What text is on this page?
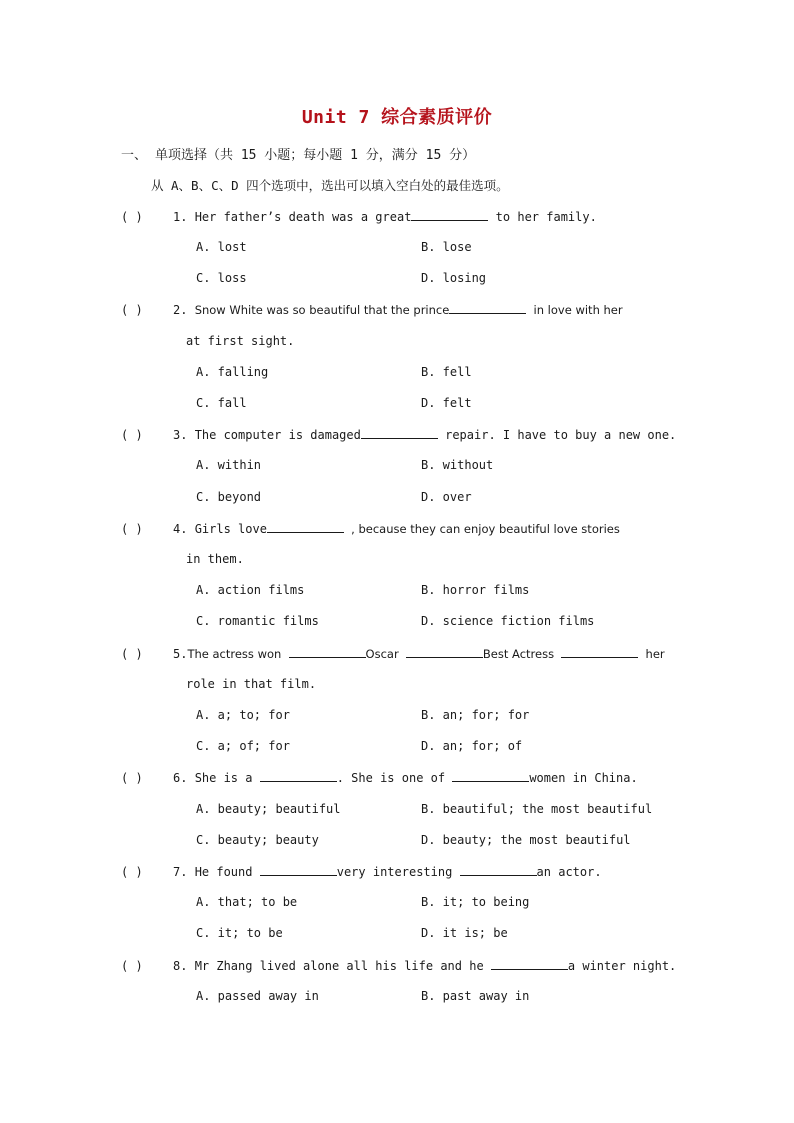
Unit 7 综合素质评价
一、 单项选择（共 15 小题；每小题 1 分，满分 15 分）
从 A、B、C、D 四个选项中，选出可以填入空白处的最佳选项。
( )	1. Her father’s death was a great	to her family.
A. lost	B. lose
C. loss	D. losing
( )	2. Snow White was so beautiful that the prince	in love with her
at first sight.
A. falling	B. fell
C. fall	D. felt
( )	3. The computer is damaged	repair. I have to buy a new one.
A. within	B. without
C. beyond	D. over
( )	4. Girls love	, because they can enjoy beautiful love stories
in them.
A. action films	B. horror films
C. romantic films	D. science fiction films
( )	5.The actress won	Oscar	Best Actress	her
role in that film.
A. a; to; for	B. an; for; for
C. a; of; for	D. an; for; of
( )	6. She is a	. She is one of	women in China.
A. beauty; beautiful	B. beautiful; the most beautiful
C. beauty; beauty	D. beauty; the most beautiful
( )	7. He found	very interesting	an actor.
A. that; to be	B. it; to being
C. it; to be	D. it is; be
( )	8. Mr Zhang lived alone all his life and he	a winter night.
A. passed away in	B. past away in
